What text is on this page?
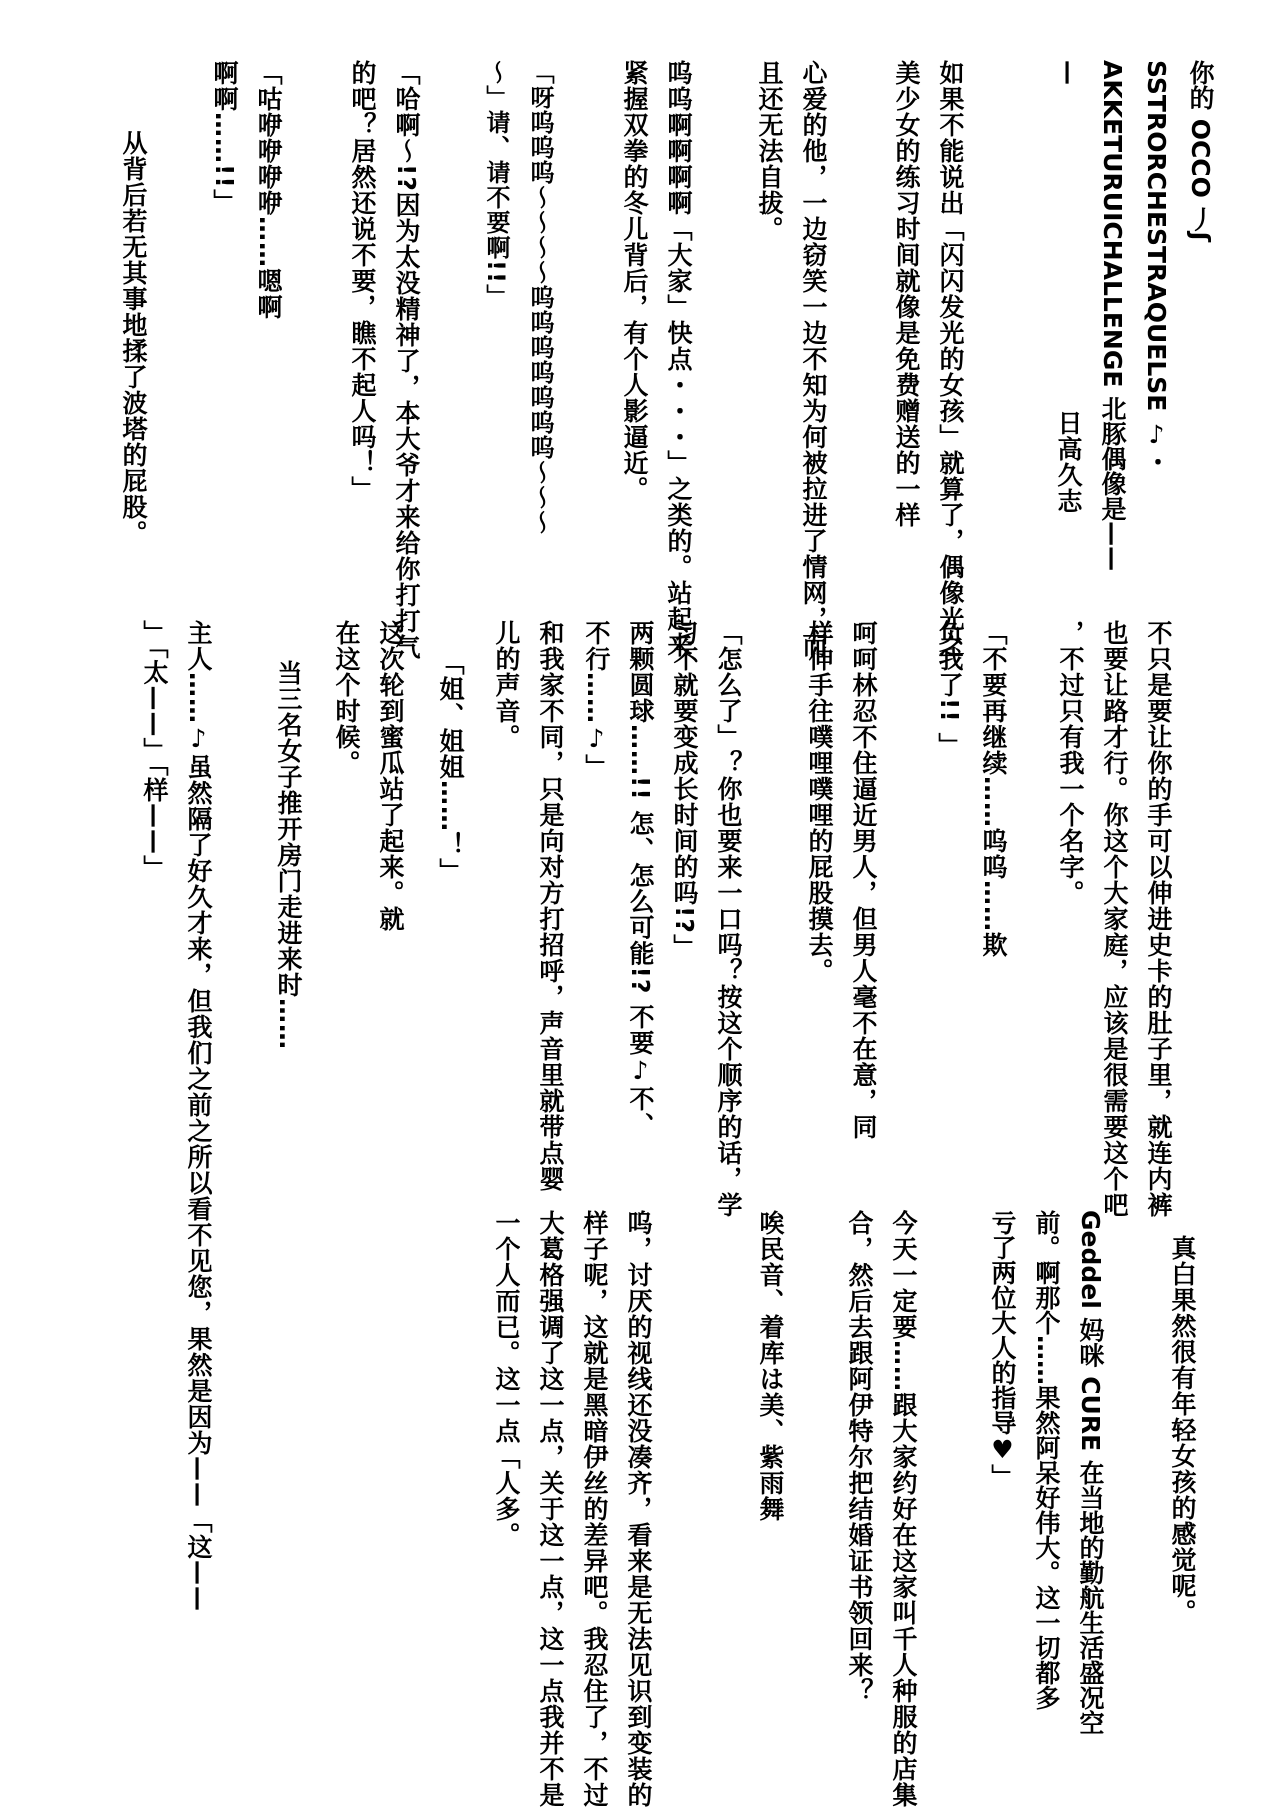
你的 OCCO 丿ʃ
SSTRORCHESTRAQUELSE ♪・
AKKETURUICHALLENGE 北豚偶像是——
—

日高久志

如果不能说出「闪闪发光的女孩」就算了，偶像光之
美少女的练习时间就像是免费赠送的一样

心爱的他，一边窃笑一边不知为何被拉进了情网，而
且还无法自拔。

呜呜啊啊啊啊「大家」快点・・・」之类的。站起来
紧握双拳的冬儿背后，有个人影逼近。

「呀呜呜呜～～～～呜呜呜呜呜呜呜～～～
～」请、请不要啊!!」

「哈啊～!?因为太没精神了，本大爷才来给你打打气
的吧？居然还说不要，瞧不起人吗！」

「咕咿咿咿咿……嗯啊
啊啊……!!」

从背后若无其事地揉了波塔的屁股。

不只是要让你的手可以伸进史卡的肚子里，就连内裤
也要让路才行。你这个大家庭，应该是很需要这个吧
，不过只有我一个名字。

「不要再继续……呜呜……欺
负我了!! 」

呵呵林忍不住逼近男人，但男人毫不在意，同
样伸手往噗哩噗哩的屁股摸去。

「怎么了」？你也要来一口吗？按这个顺序的话，学
习不就要变成长时间的吗!?」

两颗圆球……!! 怎、怎么可能!? 不要♪不、
不行……♪」

和我家不同，只是向对方打招呼，声音里就带点婴
儿的声音。

「姐、姐姐……！」

这次轮到蜜瓜站了起来。就
在这个时候。

当三名女子推开房门走进来时……

主人……♪虽然隔了好久才来，但我们之前之所以看不见您，果然是因为——「这——
」「太——」「样——」

真白果然很有年轻女孩的感觉呢。

Geddel 妈咪 CURE 在当地的勤航生活盛况空
前。啊那个……果然阿呆好伟大。这一切都多
亏了两位大人的指导♥」

今天一定要……跟大家约好在这家叫千人种服的店集
合，然后去跟阿伊特尔把结婚证书领回来？

唉民音、着库は美、紫雨舞

呜，讨厌的视线还没凑齐，看来是无法见识到变装的
样子呢，这就是黑暗伊丝的差异吧。我忍住了，不过
大葛格强调了这一点，关于这一点，这一点我并不是
一个人而已。这一点「人多。
